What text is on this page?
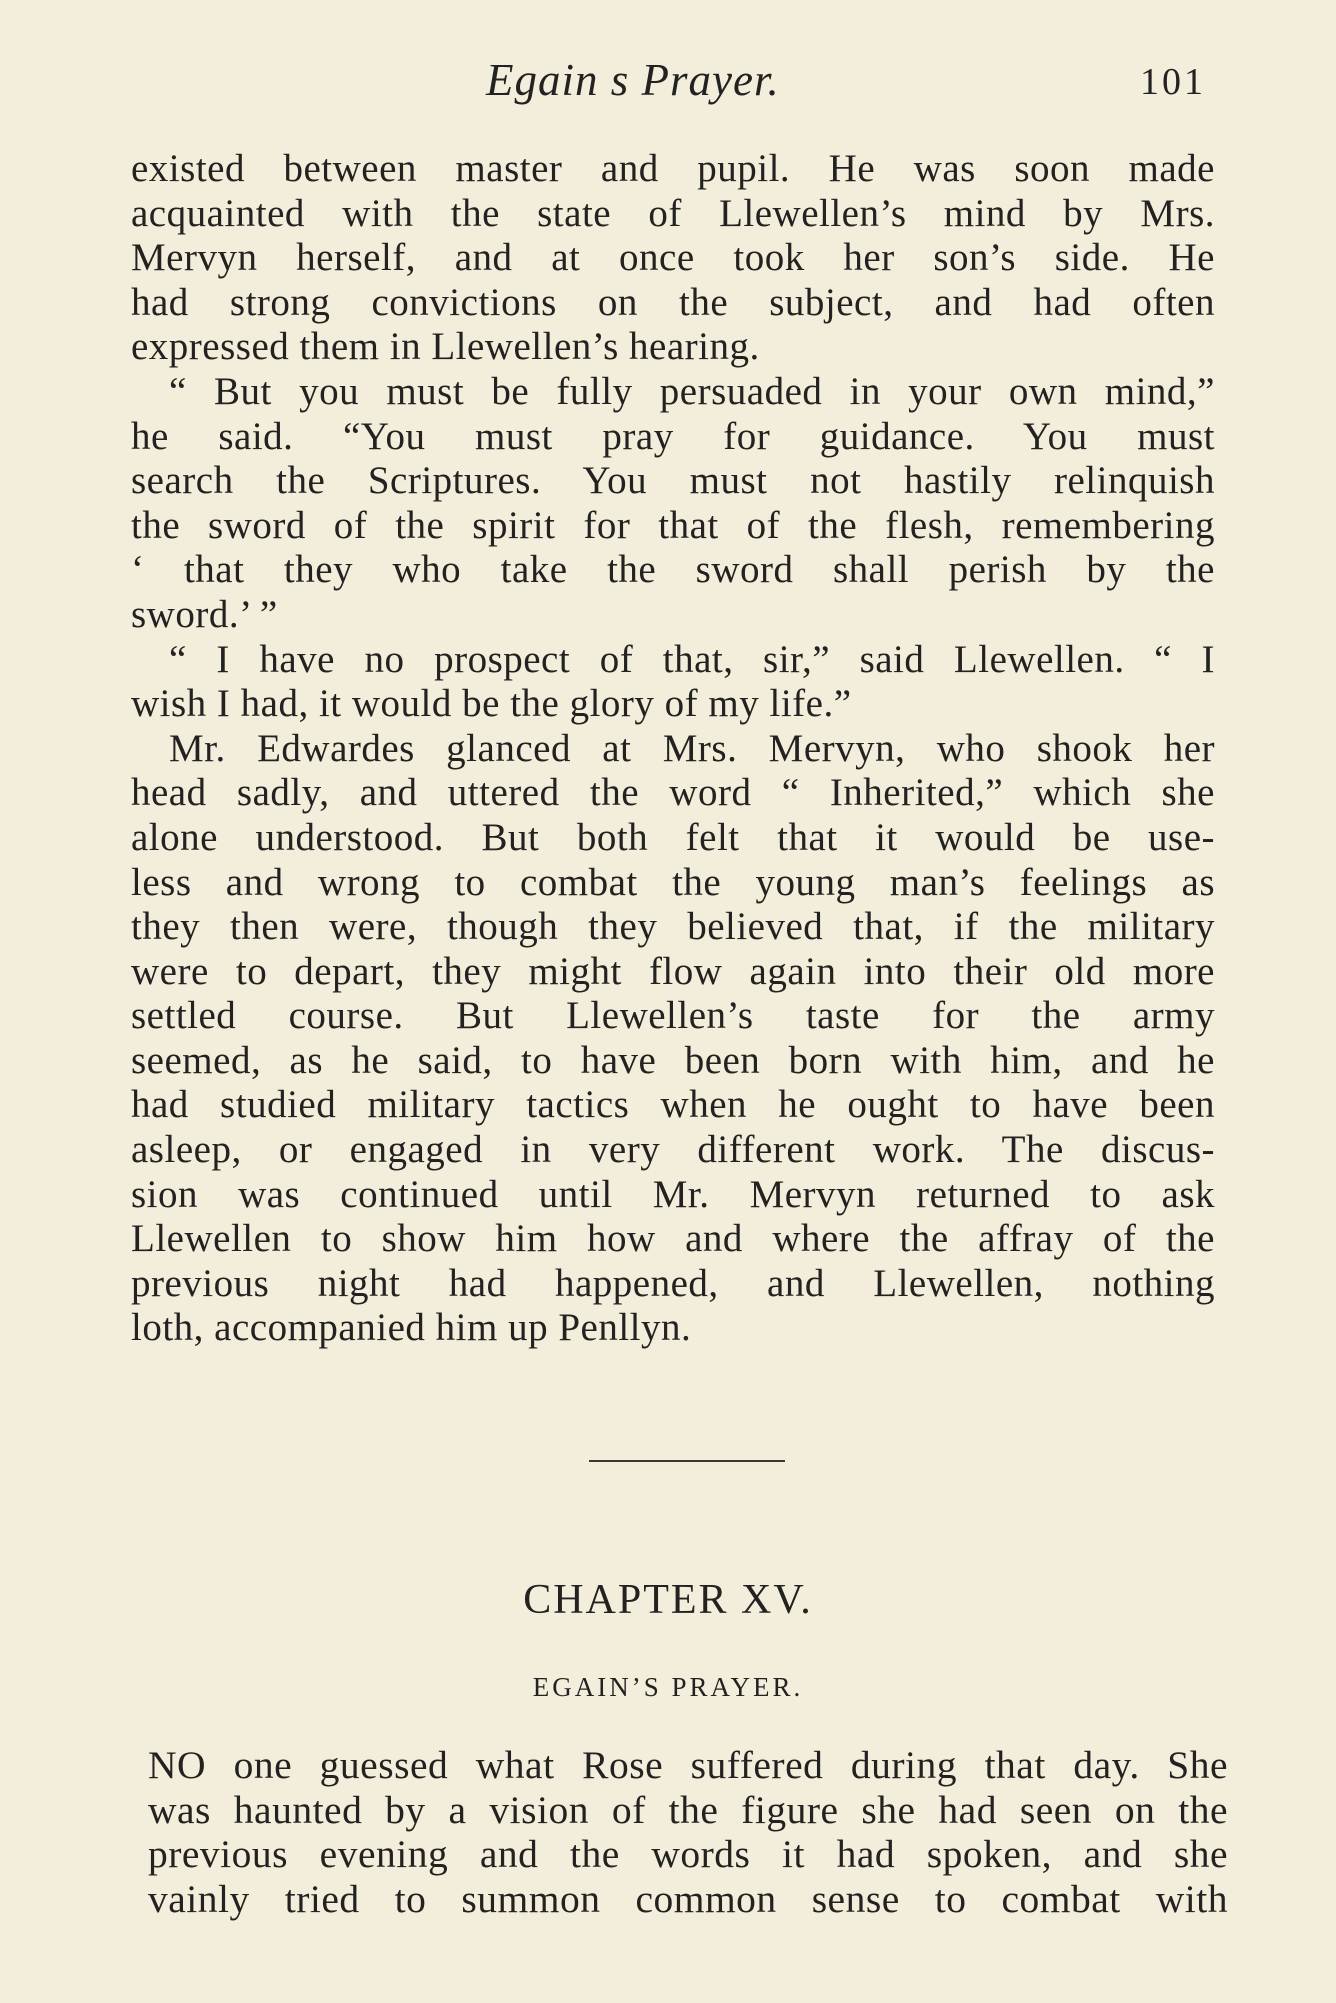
Egain s Prayer.	101
existed between master and pupil. He was soon made
acquainted with the state of Llewellen’s mind by Mrs.
Mervyn herself, and at once took her son’s side. He
had strong convictions on the subject, and had often
expressed them in Llewellen’s hearing.
“ But you must be fully persuaded in your own mind,”
he said. “You must pray for guidance. You must
search the Scriptures. You must not hastily relinquish
the sword of the spirit for that of the flesh, remembering
‘ that they who take the sword shall perish by the
sword.’ ”
“ I have no prospect of that, sir,” said Llewellen. “ I
wish I had, it would be the glory of my life.”
Mr. Edwardes glanced at Mrs. Mervyn, who shook her
head sadly, and uttered the word “ Inherited,” which she
alone understood. But both felt that it would be use-
less and wrong to combat the young man’s feelings as
they then were, though they believed that, if the military
were to depart, they might flow again into their old more
settled course. But Llewellen’s taste for the army
seemed, as he said, to have been born with him, and he
had studied military tactics when he ought to have been
asleep, or engaged in very different work. The discus-
sion was continued until Mr. Mervyn returned to ask
Llewellen to show him how and where the affray of the
previous night had happened, and Llewellen, nothing
loth, accompanied him up Penllyn.
CHAPTER XV.
EGAIN’S PRAYER.
NO one guessed what Rose suffered during that day. She
was haunted by a vision of the figure she had seen on the
previous evening and the words it had spoken, and she
vainly tried to summon common sense to combat with
